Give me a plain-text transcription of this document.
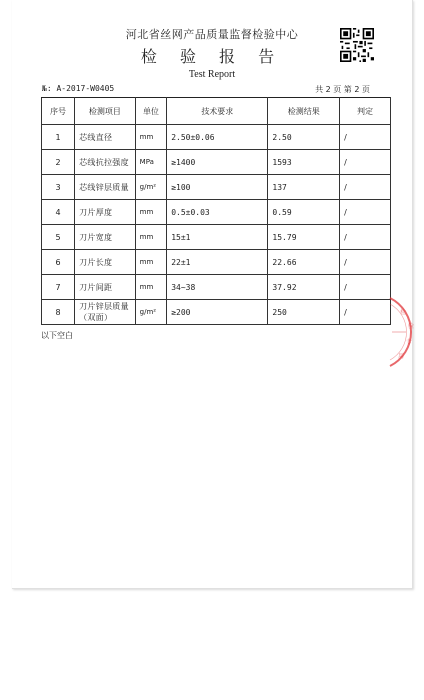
河北省丝网产品质量监督检验中心
检 验 报 告
Test Report
№: A-2017-W0405	共 2 页 第 2 页
序号	检测项目	单位	技术要求	检测结果	判定
1	芯线直径	mm	2.50±0.06	2.50	/
2	芯线抗拉强度	MPa	≥1400	1593	/
3	芯线锌层质量	g/m²	≥100	137	/
4	刀片厚度	mm	0.5±0.03	0.59	/
5	刀片宽度	mm	15±1	15.79	/
6	刀片长度	mm	22±1	22.66	/
7	刀片间距	mm	34~38	37.92	/
8	刀片锌层质量（双面）	g/m²	≥200	250	/
以下空白
检
验
专
用
